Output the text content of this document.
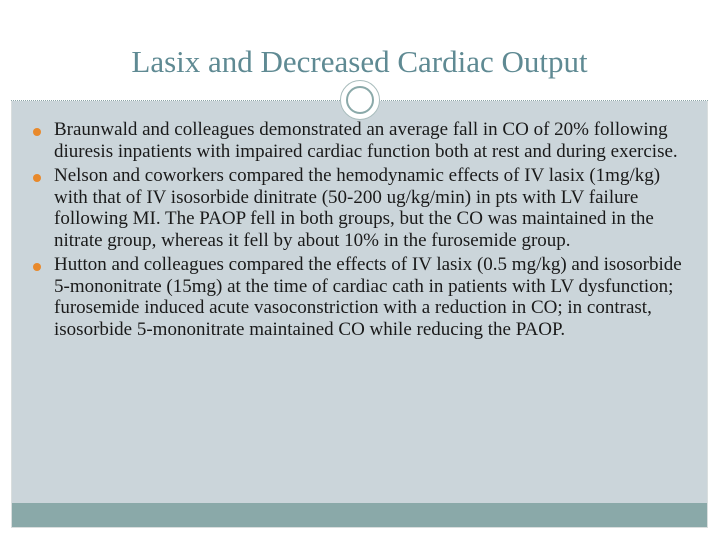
Lasix and Decreased Cardiac Output
Braunwald and colleagues demonstrated an average fall in CO of 20% following diuresis inpatients with impaired cardiac function both at rest and during exercise.
Nelson and coworkers compared the hemodynamic effects of IV lasix (1mg/kg) with that of IV isosorbide dinitrate (50-200 ug/kg/min) in pts with LV failure following MI. The PAOP fell in both groups, but the CO was maintained in the nitrate group, whereas it fell by about 10% in the furosemide group.
Hutton and colleagues compared the effects of IV lasix (0.5 mg/kg) and isosorbide 5-mononitrate (15mg) at the time of cardiac cath in patients with LV dysfunction; furosemide induced acute vasoconstriction with a reduction in CO; in contrast, isosorbide 5-mononitrate maintained CO while reducing the PAOP.
